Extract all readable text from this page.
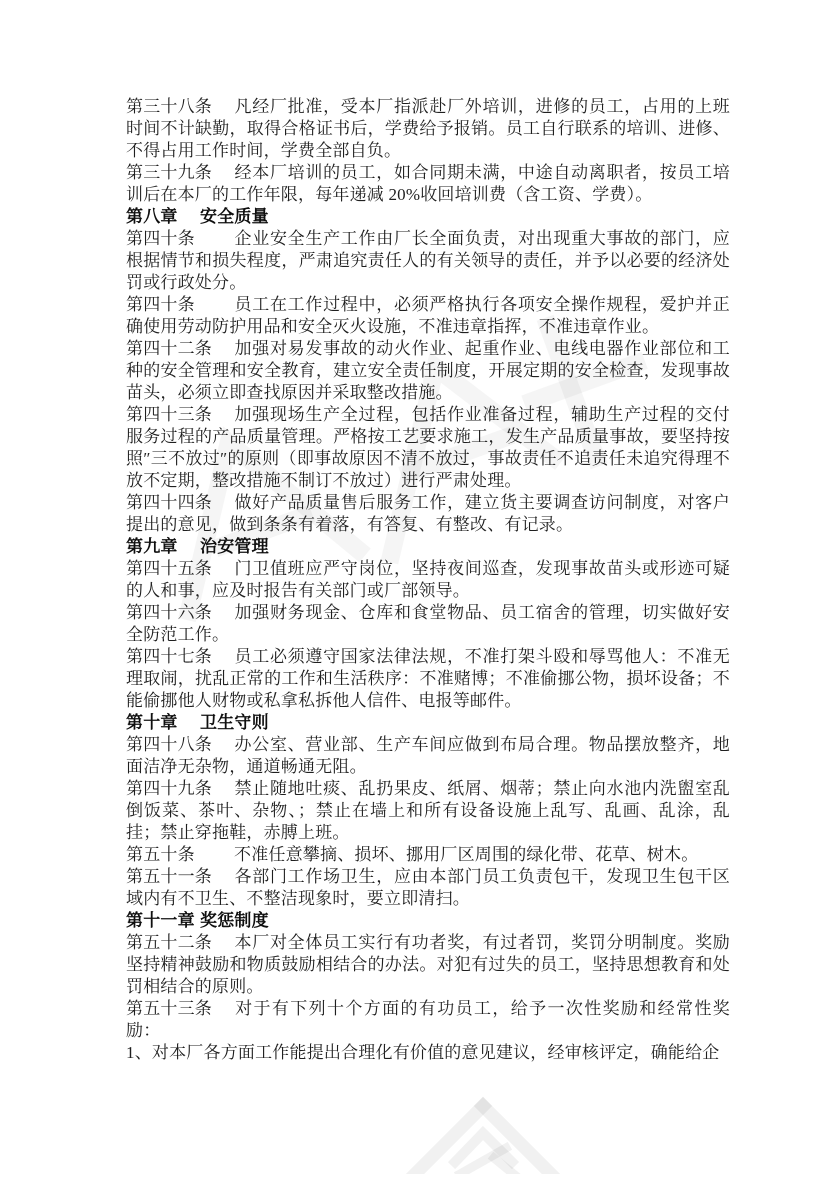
第三十八条 凡经厂批准，受本厂指派赴厂外培训，进修的员工，占用的上班时间不计缺勤，取得合格证书后，学费给予报销。员工自行联系的培训、进修、不得占用工作时间，学费全部自负。

第三十九条 经本厂培训的员工，如合同期未满，中途自动离职者，按员工培训后在本厂的工作年限，每年递减 20%收回培训费（含工资、学费）。

第八章 安全质量

第四十条 企业安全生产工作由厂长全面负责，对出现重大事故的部门，应根据情节和损失程度，严肃追究责任人的有关领导的责任，并予以必要的经济处罚或行政处分。

第四十条 员工在工作过程中，必须严格执行各项安全操作规程，爱护并正确使用劳动防护用品和安全灭火设施，不准违章指挥，不准违章作业。

第四十二条 加强对易发事故的动火作业、起重作业、电线电器作业部位和工种的安全管理和安全教育，建立安全责任制度，开展定期的安全检查，发现事故苗头，必须立即查找原因并采取整改措施。

第四十三条 加强现场生产全过程，包括作业准备过程，辅助生产过程的交付服务过程的产品质量管理。严格按工艺要求施工，发生产品质量事故，要坚持按照″三不放过″的原则（即事故原因不清不放过，事故责任不追责任未追究得理不放不定期，整改措施不制订不放过）进行严肃处理。

第四十四条 做好产品质量售后服务工作，建立货主要调查访问制度，对客户提出的意见，做到条条有着落，有答复、有整改、有记录。

第九章 治安管理

第四十五条 门卫值班应严守岗位，坚持夜间巡查，发现事故苗头或形迹可疑的人和事，应及时报告有关部门或厂部领导。

第四十六条 加强财务现金、仓库和食堂物品、员工宿舍的管理，切实做好安全防范工作。

第四十七条 员工必须遵守国家法律法规，不准打架斗殴和辱骂他人：不准无理取闹，扰乱正常的工作和生活秩序：不准赌博；不准偷挪公物，损坏设备；不能偷挪他人财物或私拿私拆他人信件、电报等邮件。

第十章 卫生守则

第四十八条 办公室、营业部、生产车间应做到布局合理。物品摆放整齐，地面洁净无杂物，通道畅通无阻。

第四十九条 禁止随地吐痰、乱扔果皮、纸屑、烟蒂；禁止向水池内洗盥室乱倒饭菜、茶叶、杂物、；禁止在墙上和所有设备设施上乱写、乱画、乱涂，乱挂；禁止穿拖鞋，赤膊上班。

第五十条 不准任意攀摘、损坏、挪用厂区周围的绿化带、花草、树木。

第五十一条 各部门工作场卫生，应由本部门员工负责包干，发现卫生包干区域内有不卫生、不整洁现象时，要立即清扫。

第十一章 奖惩制度

第五十二条 本厂对全体员工实行有功者奖，有过者罚，奖罚分明制度。奖励坚持精神鼓励和物质鼓励相结合的办法。对犯有过失的员工，坚持思想教育和处罚相结合的原则。

第五十三条 对于有下列十个方面的有功员工，给予一次性奖励和经常性奖励：

1、对本厂各方面工作能提出合理化有价值的意见建议，经审核评定，确能给企
